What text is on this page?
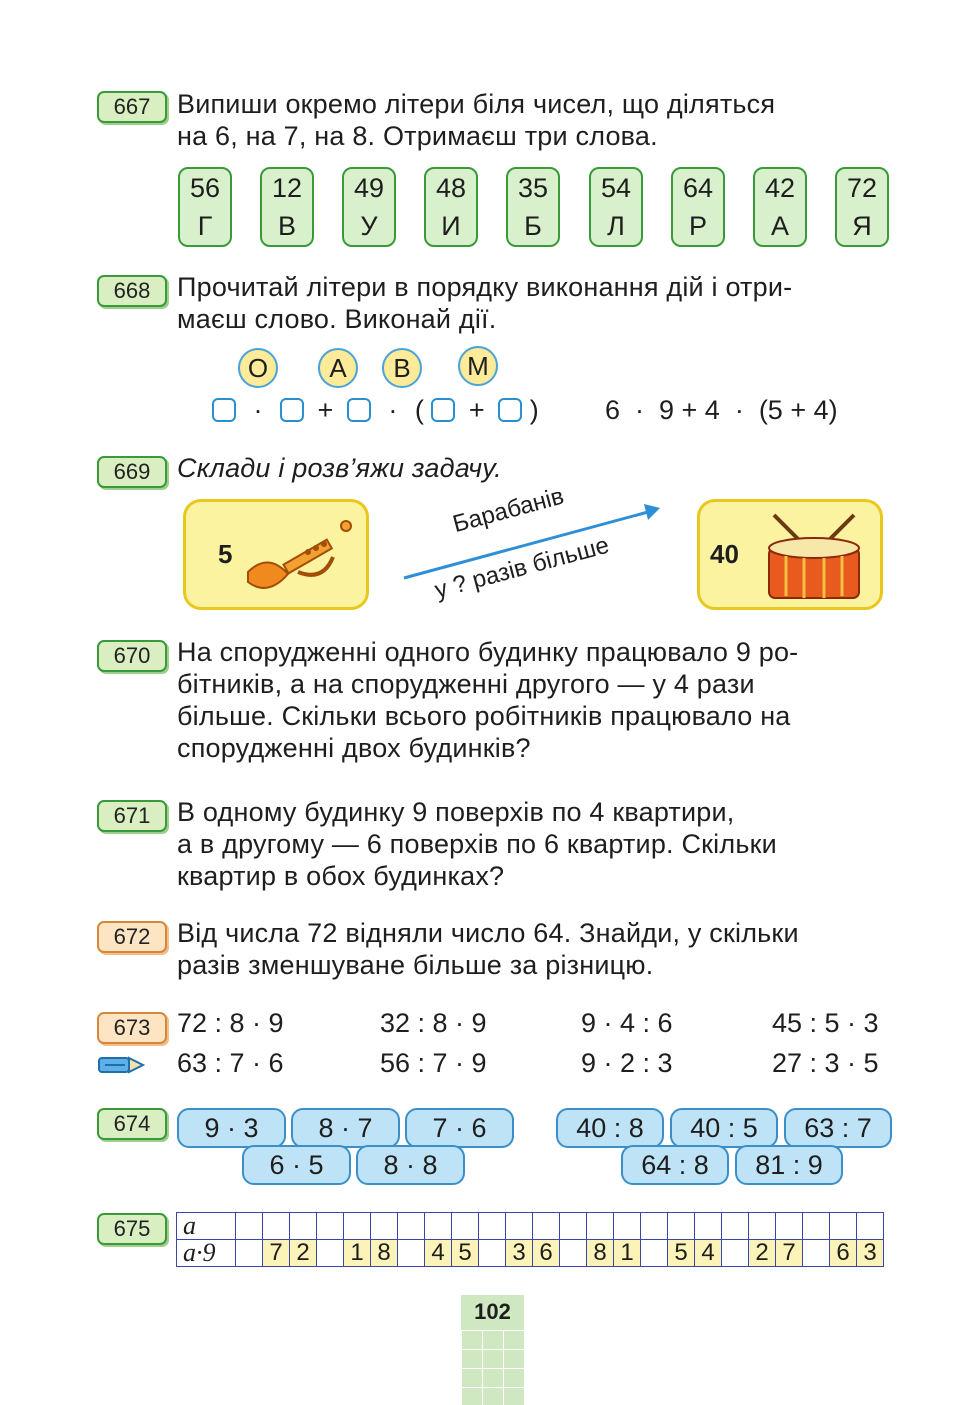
667 Випиши окремо літери біля чисел, що діляться
на 6, на 7, на 8. Отримаєш три слова.
56
Г
12
В
49
У
48
И
35
Б
54
Л
64
Р
42
А
72
Я
668 Прочитай літери в порядку виконання дій і отри-
маєш слово. Виконай дії.
О	А	В	М
· + · ( + ) 6  ·  9 + 4  ·  (5 + 4)
669 Склади і розв’яжи задачу.
5
Барабанів
у ? разів більше	40
670 На спорудженні одного будинку працювало 9 ро-
бітників, а на спорудженні другого — у 4 рази
більше. Скільки всього робітників працювало на
спорудженні двох будинків?
671 В одному будинку 9 поверхів по 4 квартири,
а в другому — 6 поверхів по 6 квартир. Скільки
квартир в обох будинках?
672 Від числа 72 відняли число 64. Знайди, у скільки
разів зменшуване більше за різницю.
673 72 : 8 · 9	32 : 8 · 9	9 · 4 : 6	45 : 5 · 3
63 : 7 · 6	56 : 7 · 9	9 · 2 : 3	27 : 3 · 5
674	9 · 3	8 · 7	7 · 6
6 · 5	8 · 8
40 : 8	40 : 5	63 : 7
64 : 8	81 : 9
675	a																								
a·9		7	2		1	8		4	5		3	6		8	1		5	4		2	7		6	3
102
